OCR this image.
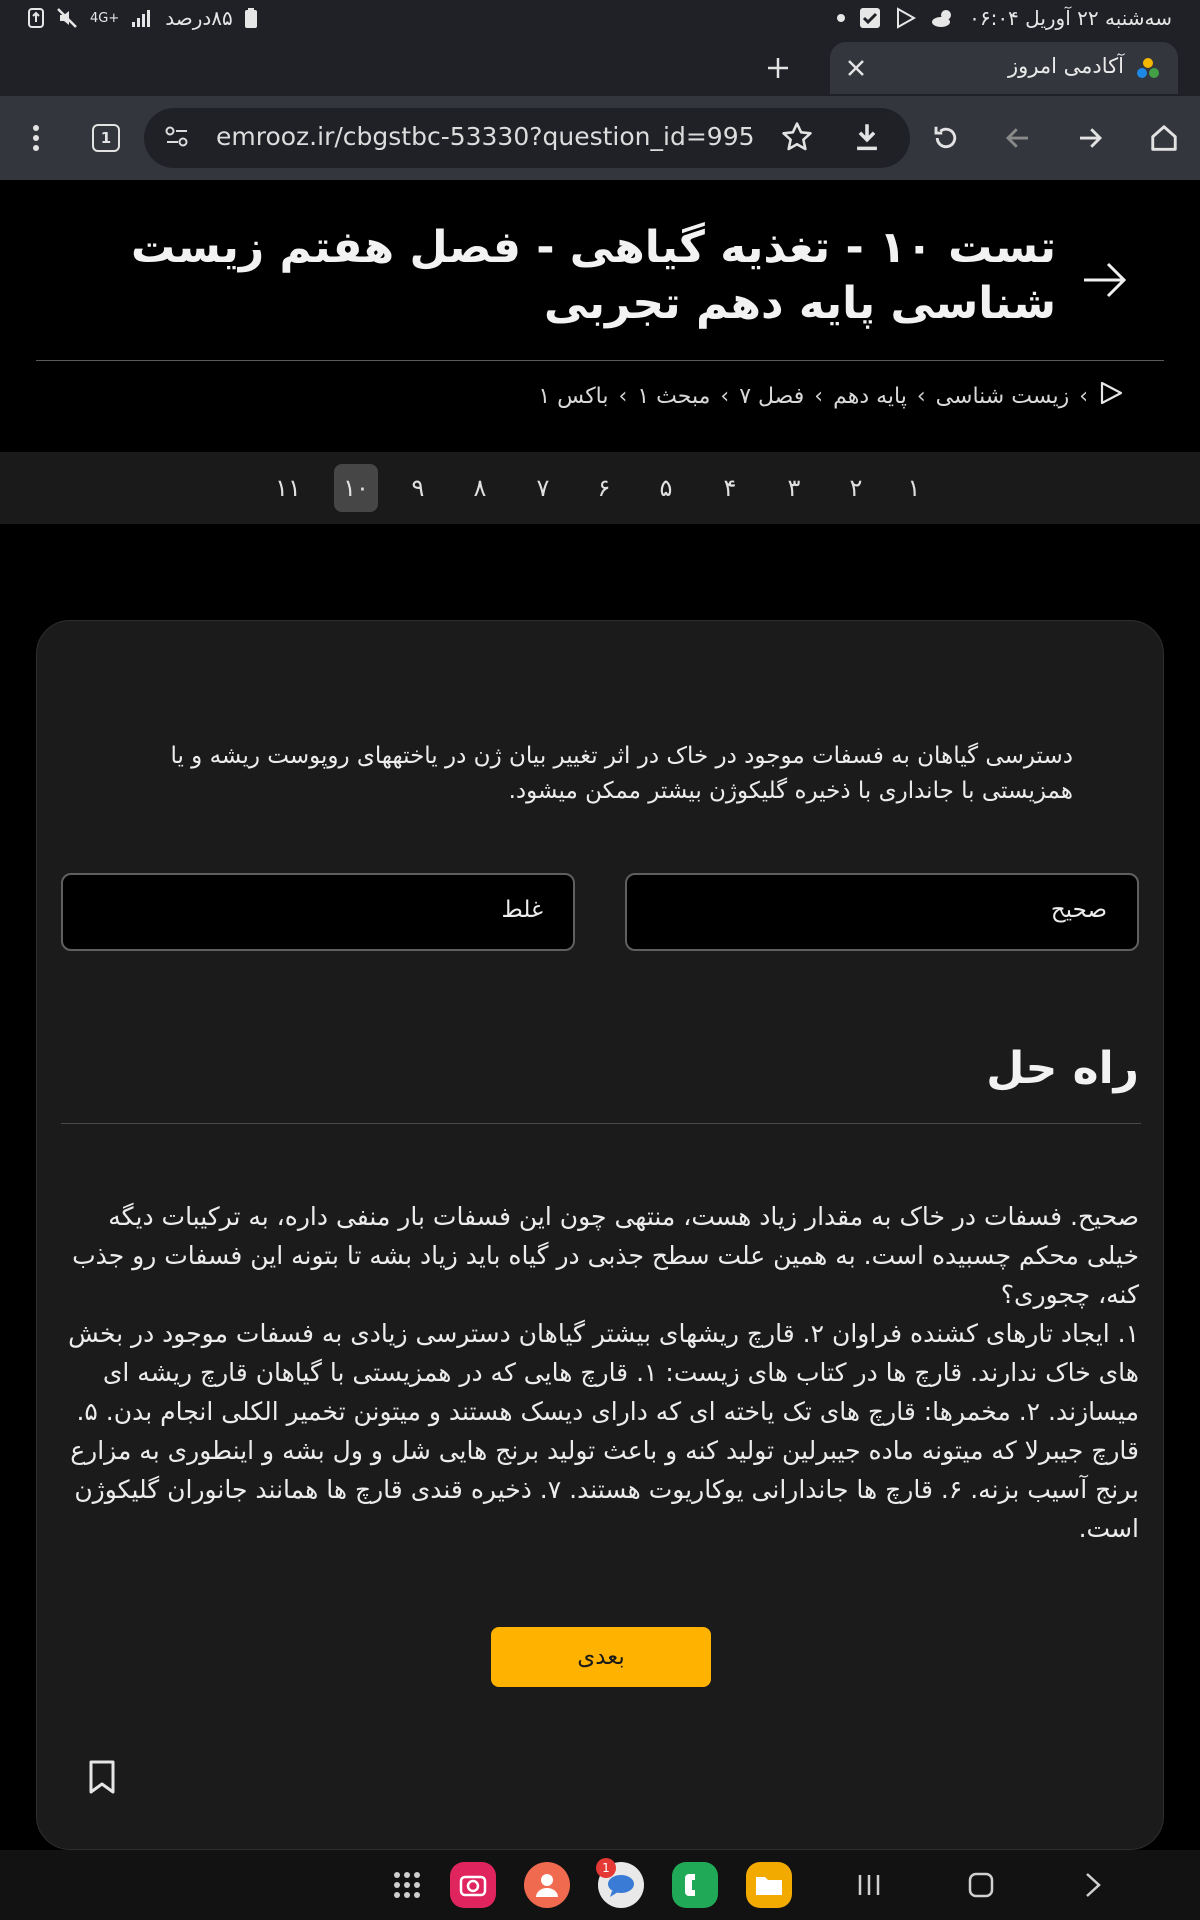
4G+ ۸۵درصد	سه‌شنبه ۲۲ آوریل ۰۶:۰۴
آکادمی امروز
1	emrooz.ir/cbgstbc-53330?question_id=995
تست ۱۰ - تغذیه گیاهی - فصل هفتم زیست شناسی پایه دهم تجربی
›
زیست شناسی
›
پایه دهم
›
فصل ۷
›
مبحث ۱
›
باکس ۱
۱
۲
۳
۴
۵
۶
۷
۸
۹
۱۰
۱۱

دسترسی گیاهان به فسفات موجود در خاک در اثر تغییر بیان ژن در یاختههای روپوست ریشه و یا همزیستی با جانداری با ذخیره گلیکوژن بیشتر ممکن میشود.

صحیح
غلط
راه حل

صحیح. فسفات در خاک به مقدار زیاد هست، منتهی چون این فسفات بار منفی داره، به ترکیبات دیگه خیلی محکم چسبیده است. به همین علت سطح جذبی در گیاه باید زیاد بشه تا بتونه این فسفات رو جذب کنه، چجوری؟
۱. ایجاد تارهای کشنده فراوان ۲. قارچ ریشهای بیشتر گیاهان دسترسی زیادی به فسفات موجود در بخش های خاک ندارند. قارچ ها در کتاب های زیست: ۱. قارچ هایی که در همزیستی با گیاهان قارچ ریشه ای میسازند. ۲. مخمرها: قارچ های تک یاخته ای که دارای دیسک هستند و میتونن تخمیر الکلی انجام بدن. ۵. قارچ جیبرلا که میتونه ماده جیبرلین تولید کنه و باعث تولید برنج هایی شل و ول بشه و اینطوری به مزارع برنج آسیب بزنه. ۶. قارچ ها جاندارانی یوکاریوت هستند. ۷. ذخیره قندی قارچ ها همانند جانوران گلیکوژن است.

بعدی
1
